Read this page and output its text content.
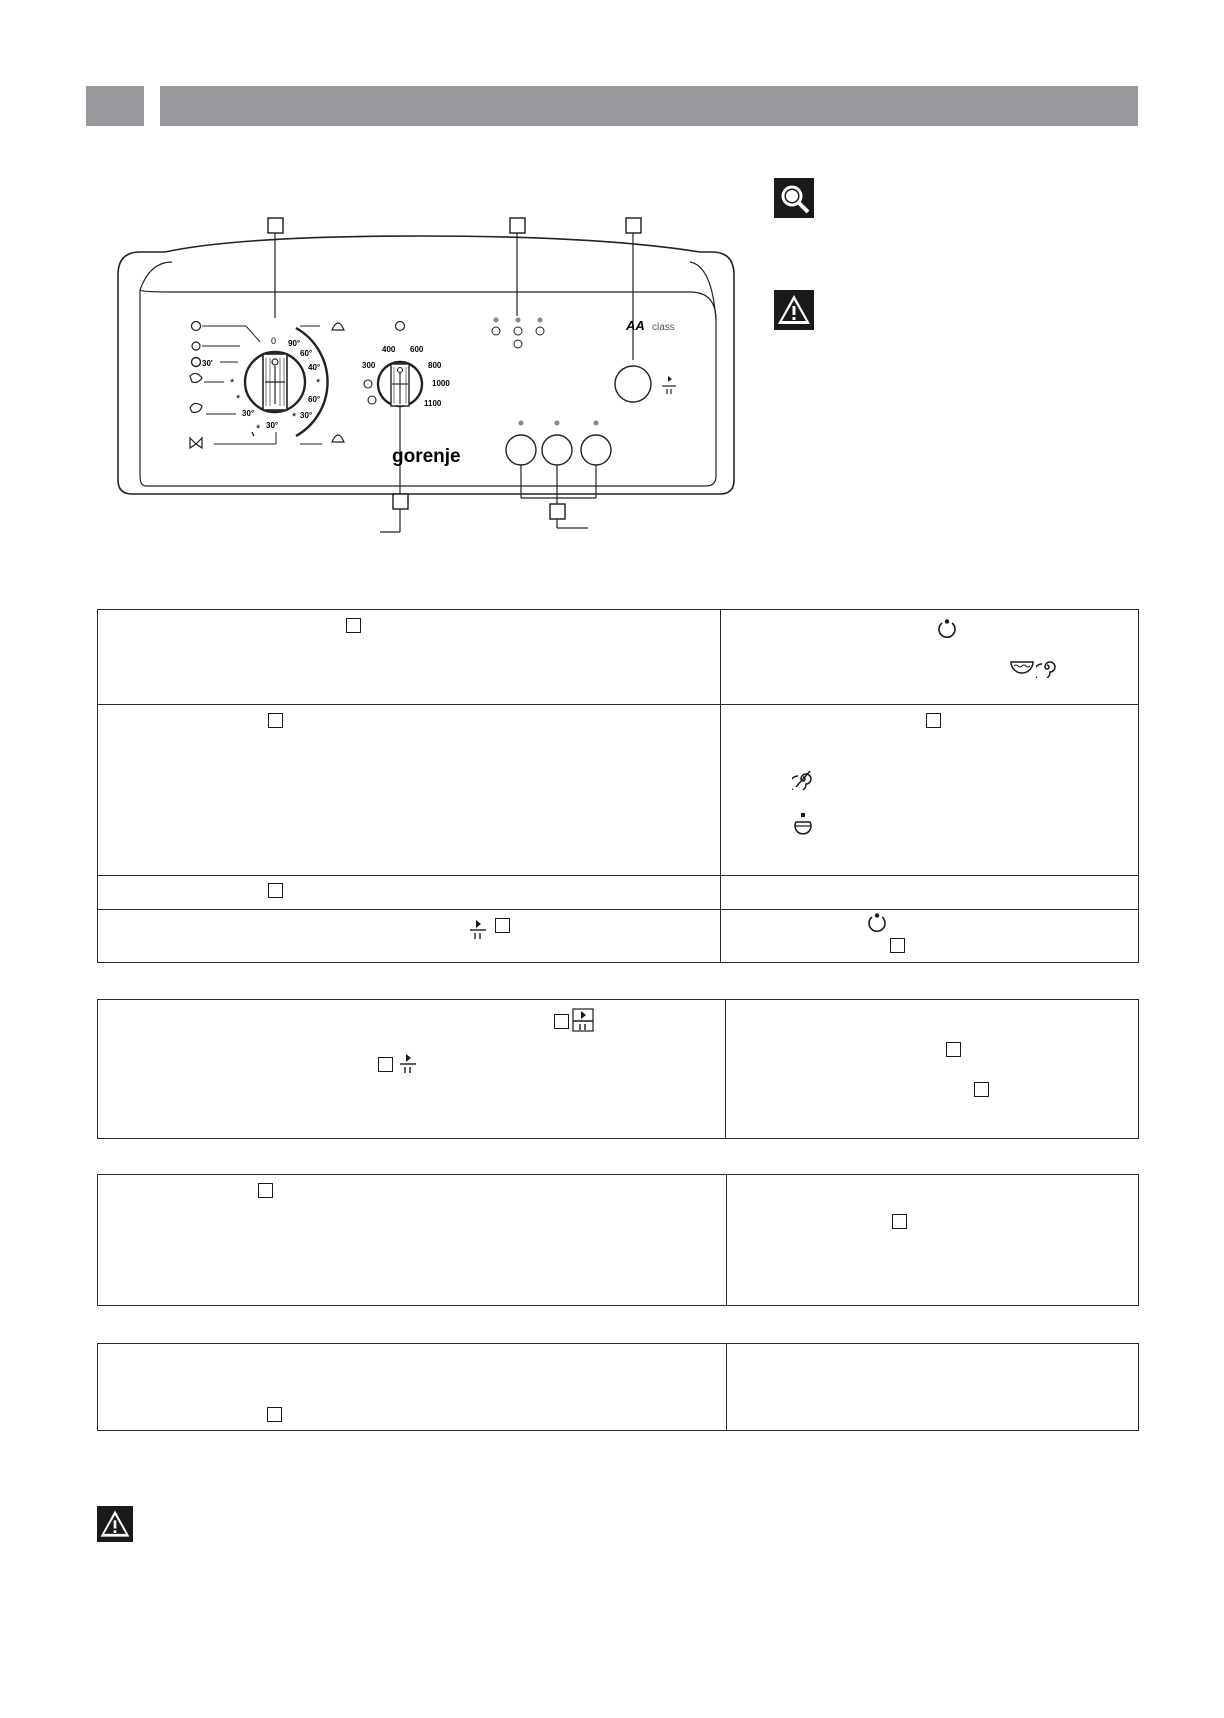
0 90°
60°
40°
*
60°
30°
*
30°
*
30°
*
*
30'
400 600
300	800
1000
1100
gorenje
AA class
